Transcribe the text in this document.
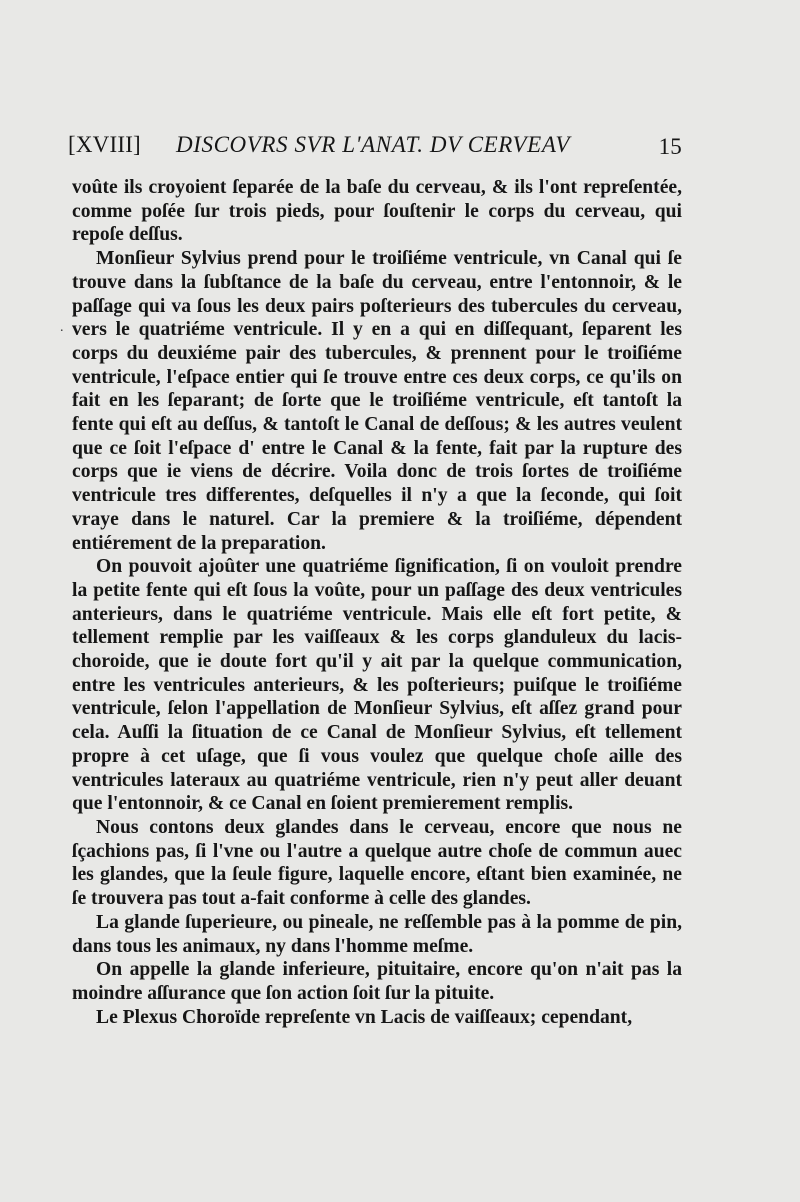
[XVIII] DISCOVRS SVR L'ANAT. DV CERVEAV	15
.

voûte ils croyoient ſeparée de la baſe du cerveau, & ils l'ont repreſentée, comme poſée ſur trois pieds, pour ſouſtenir le corps du cerveau, qui repoſe deſſus.

Monſieur Sylvius prend pour le troiſiéme ventricule, vn Canal qui ſe trouve dans la ſubſtance de la baſe du cerveau, entre l'entonnoir, & le paſſage qui va ſous les deux pairs poſterieurs des tubercules du cerveau, vers le quatriéme ventricule. Il y en a qui en diſſequant, ſeparent les corps du deuxiéme pair des tubercules, & prennent pour le troiſiéme ventricule, l'eſpace entier qui ſe trouve entre ces deux corps, ce qu'ils on fait en les ſeparant; de ſorte que le troiſiéme ventricule, eſt tantoſt la fente qui eſt au deſſus, & tantoſt le Canal de deſſous; & les autres veulent que ce ſoit l'eſpace d' entre le Canal & la fente, fait par la rupture des corps que ie viens de décrire. Voila donc de trois ſortes de troiſiéme ventricule tres differentes, deſquelles il n'y a que la ſeconde, qui ſoit vraye dans le naturel. Car la premiere & la troiſiéme, dépendent entiérement de la preparation.

On pouvoit ajoûter une quatriéme ſignification, ſi on vouloit prendre la petite fente qui eſt ſous la voûte, pour un paſſage des deux ventricules anterieurs, dans le quatriéme ventricule. Mais elle eſt fort petite, & tellement remplie par les vaiſſeaux & les corps glanduleux du lacis-choroide, que ie doute fort qu'il y ait par la quelque communication, entre les ventricules anterieurs, & les poſterieurs; puiſque le troiſiéme ventricule, ſelon l'appellation de Monſieur Sylvius, eſt aſſez grand pour cela. Auſſi la ſituation de ce Canal de Monſieur Sylvius, eſt tellement propre à cet uſage, que ſi vous voulez que quelque choſe aille des ventricules lateraux au quatriéme ventricule, rien n'y peut aller deuant que l'entonnoir, & ce Canal en ſoient premierement remplis.

Nous contons deux glandes dans le cerveau, encore que nous ne ſçachions pas, ſi l'vne ou l'autre a quelque autre choſe de commun auec les glandes, que la ſeule figure, laquelle encore, eſtant bien examinée, ne ſe trouvera pas tout a-fait conforme à celle des glandes.

La glande ſuperieure, ou pineale, ne reſſemble pas à la pomme de pin, dans tous les animaux, ny dans l'homme meſme.

On appelle la glande inferieure, pituitaire, encore qu'on n'ait pas la moindre aſſurance que ſon action ſoit ſur la pituite.

Le Plexus Choroïde repreſente vn Lacis de vaiſſeaux; cependant,
